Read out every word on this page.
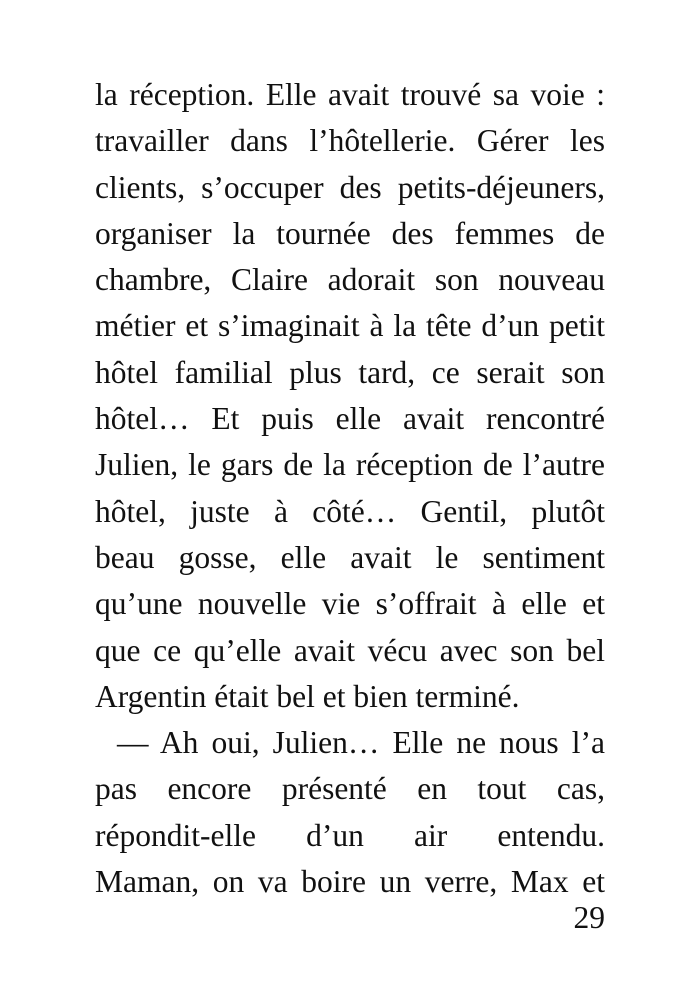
la réception. Elle avait trouvé sa voie :
travailler dans l’hôtellerie. Gérer les
clients, s’occuper des petits-déjeuners,
organiser la tournée des femmes de
chambre, Claire adorait son nouveau
métier et s’imaginait à la tête d’un petit
hôtel familial plus tard, ce serait son
hôtel… Et puis elle avait rencontré
Julien, le gars de la réception de l’autre
hôtel, juste à côté… Gentil, plutôt
beau gosse, elle avait le sentiment
qu’une nouvelle vie s’offrait à elle et
que ce qu’elle avait vécu avec son bel
Argentin était bel et bien terminé.
— Ah oui, Julien… Elle ne nous l’a
pas encore présenté en tout cas,
répondit-elle d’un air entendu.
Maman, on va boire un verre, Max et
29
